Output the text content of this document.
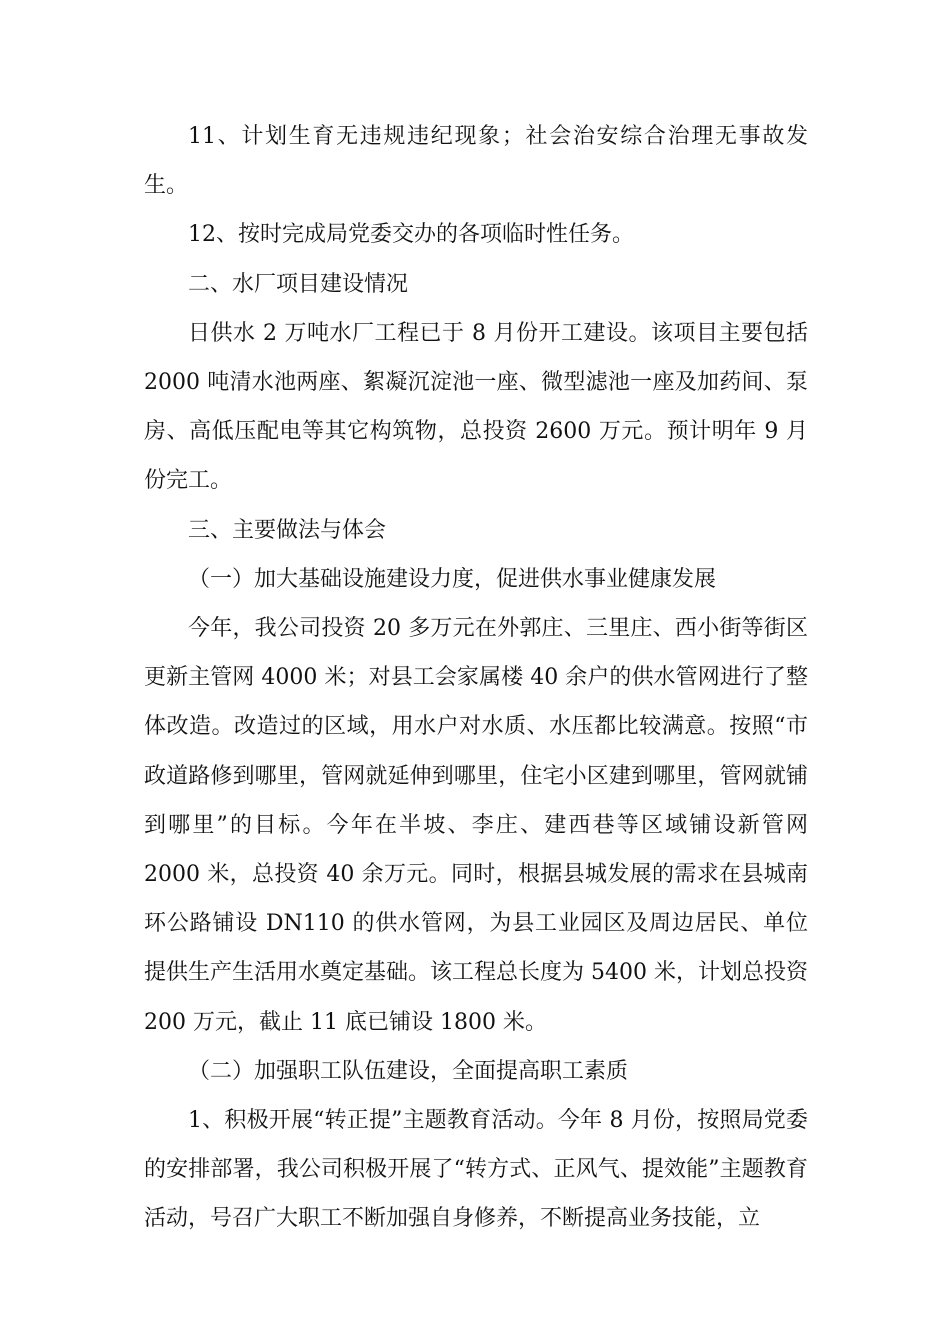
11、计划生育无违规违纪现象；社会治安综合治理无事故发生。

12、按时完成局党委交办的各项临时性任务。

二、水厂项目建设情况

日供水 2 万吨水厂工程已于 8 月份开工建设。该项目主要包括 2000 吨清水池两座、絮凝沉淀池一座、微型滤池一座及加药间、泵房、高低压配电等其它构筑物，总投资 2600 万元。预计明年 9 月份完工。

三、主要做法与体会

（一）加大基础设施建设力度，促进供水事业健康发展

今年，我公司投资 20 多万元在外郭庄、三里庄、西小街等街区更新主管网 4000 米；对县工会家属楼 40 余户的供水管网进行了整体改造。改造过的区域，用水户对水质、水压都比较满意。按照“市政道路修到哪里，管网就延伸到哪里，住宅小区建到哪里，管网就铺到哪里”的目标。今年在半坡、李庄、建西巷等区域铺设新管网 2000 米，总投资 40 余万元。同时，根据县城发展的需求在县城南环公路铺设 DN110 的供水管网，为县工业园区及周边居民、单位提供生产生活用水奠定基础。该工程总长度为 5400 米，计划总投资 200 万元，截止 11 底已铺设 1800 米。

（二）加强职工队伍建设，全面提高职工素质

1、积极开展“转正提”主题教育活动。今年 8 月份，按照局党委的安排部署，我公司积极开展了“转方式、正风气、提效能”主题教育活动，号召广大职工不断加强自身修养，不断提高业务技能，立
